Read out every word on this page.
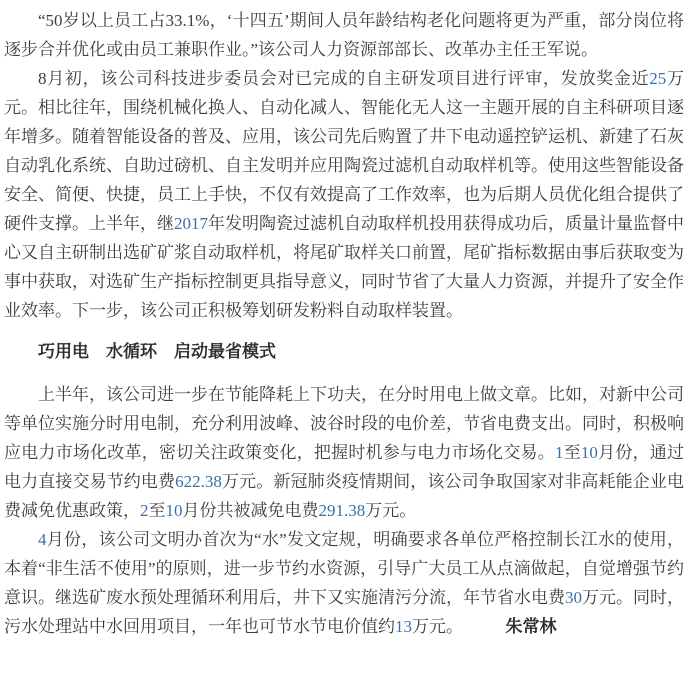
“50岁以上员工占33.1%，‘十四五’期间人员年龄结构老化问题将更为严重，部分岗位将逐步合并优化或由员工兼职作业。”该公司人力资源部部长、改革办主任王军说。

8月初，该公司科技进步委员会对已完成的自主研发项目进行评审，发放奖金近25万元。相比往年，围绕机械化换人、自动化减人、智能化无人这一主题开展的自主科研项目逐年增多。随着智能设备的普及、应用，该公司先后购置了井下电动遥控铲运机、新建了石灰自动乳化系统、自助过磅机、自主发明并应用陶瓷过滤机自动取样机等。使用这些智能设备安全、简便、快捷，员工上手快，不仅有效提高了工作效率，也为后期人员优化组合提供了硬件支撑。上半年，继2017年发明陶瓷过滤机自动取样机投用获得成功后，质量计量监督中心又自主研制出选矿矿浆自动取样机，将尾矿取样关口前置，尾矿指标数据由事后获取变为事中获取，对选矿生产指标控制更具指导意义，同时节省了大量人力资源，并提升了安全作业效率。下一步，该公司正积极筹划研发粉料自动取样装置。

巧用电　水循环　启动最省模式

上半年，该公司进一步在节能降耗上下功夫，在分时用电上做文章。比如，对新中公司等单位实施分时用电制，充分利用波峰、波谷时段的电价差，节省电费支出。同时，积极响应电力市场化改革，密切关注政策变化，把握时机参与电力市场化交易。1至10月份，通过电力直接交易节约电费622.38万元。新冠肺炎疫情期间，该公司争取国家对非高耗能企业电费减免优惠政策，2至10月份共被减免电费291.38万元。

4月份，该公司文明办首次为“水”发文定规，明确要求各单位严格控制长江水的使用，本着“非生活不使用”的原则，进一步节约水资源，引导广大员工从点滴做起，自觉增强节约意识。继选矿废水预处理循环利用后，井下又实施清污分流，年节省水电费30万元。同时，污水处理站中水回用项目，一年也可节水节电价值约13万元。　　　	朱常林
